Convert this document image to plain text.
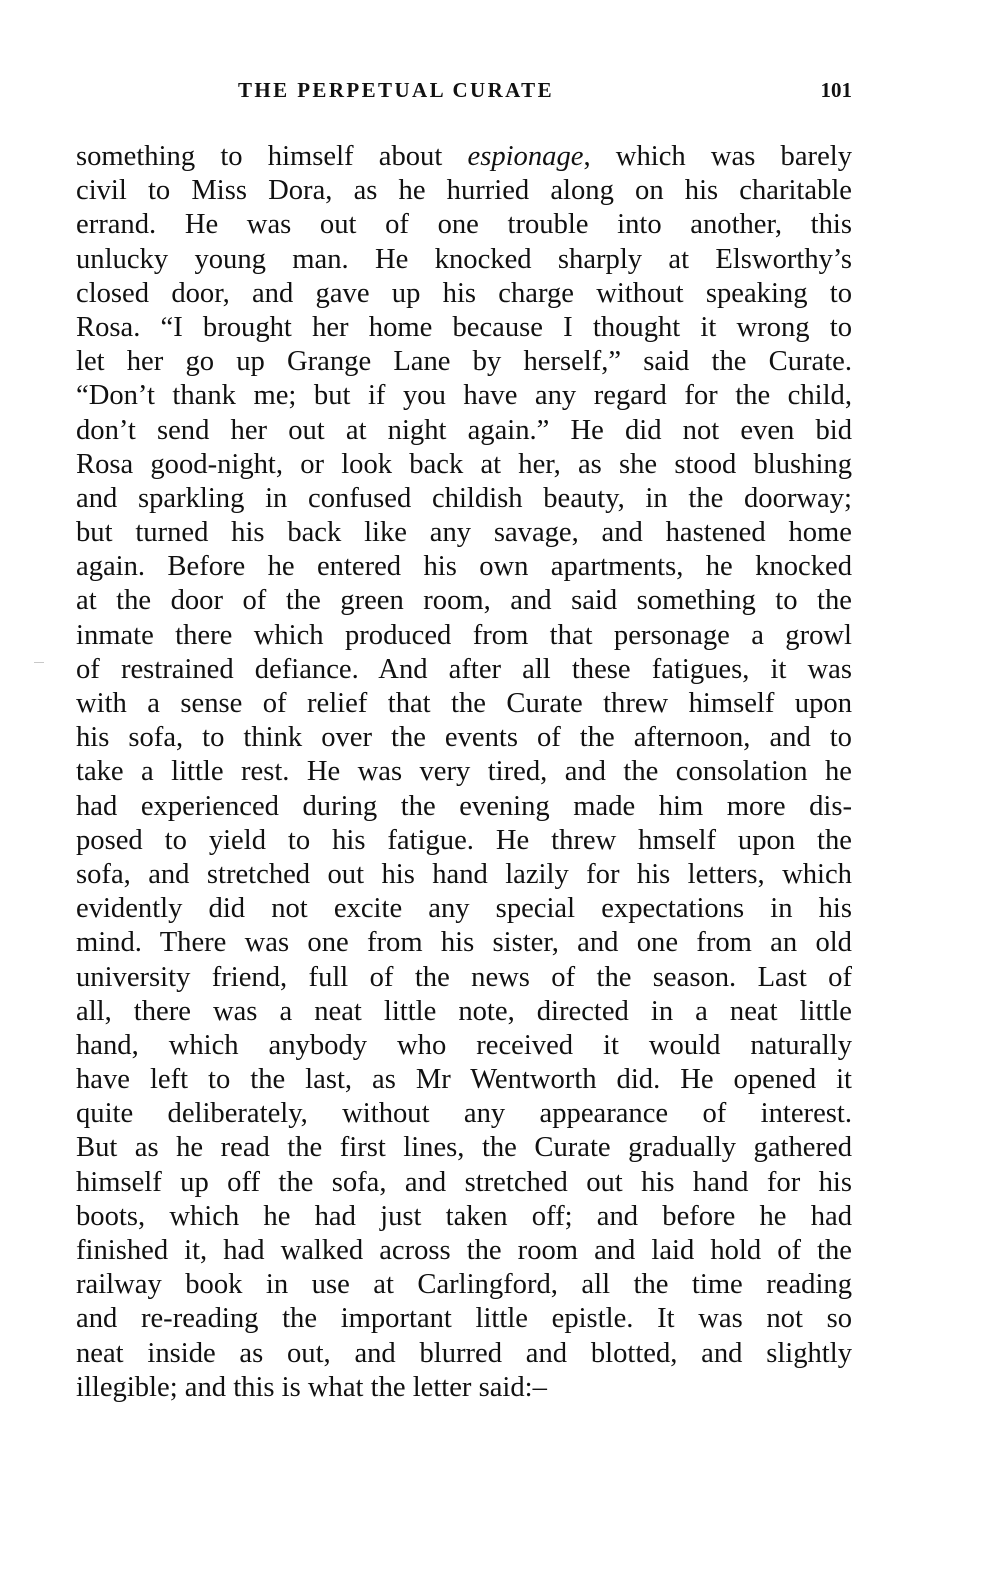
THE PERPETUAL CURATE	101
something to himself about espionage, which was barely
civil to Miss Dora, as he hurried along on his charitable
errand. He was out of one trouble into another, this
unlucky young man. He knocked sharply at Elsworthy’s
closed door, and gave up his charge without speaking to
Rosa. “I brought her home because I thought it wrong to
let her go up Grange Lane by herself,” said the Curate.
“Don’t thank me; but if you have any regard for the child,
don’t send her out at night again.” He did not even bid
Rosa good-night, or look back at her, as she stood blushing
and sparkling in confused childish beauty, in the doorway;
but turned his back like any savage, and hastened home
again. Before he entered his own apartments, he knocked
at the door of the green room, and said something to the
inmate there which produced from that personage a growl
of restrained defiance. And after all these fatigues, it was
with a sense of relief that the Curate threw himself upon
his sofa, to think over the events of the afternoon, and to
take a little rest. He was very tired, and the consolation he
had experienced during the evening made him more dis-
posed to yield to his fatigue. He threw hmself upon the
sofa, and stretched out his hand lazily for his letters, which
evidently did not excite any special expectations in his
mind. There was one from his sister, and one from an old
university friend, full of the news of the season. Last of
all, there was a neat little note, directed in a neat little
hand, which anybody who received it would naturally
have left to the last, as Mr Wentworth did. He opened it
quite deliberately, without any appearance of interest.
But as he read the first lines, the Curate gradually gathered
himself up off the sofa, and stretched out his hand for his
boots, which he had just taken off; and before he had
finished it, had walked across the room and laid hold of the
railway book in use at Carlingford, all the time reading
and re-reading the important little epistle. It was not so
neat inside as out, and blurred and blotted, and slightly
illegible; and this is what the letter said:–
